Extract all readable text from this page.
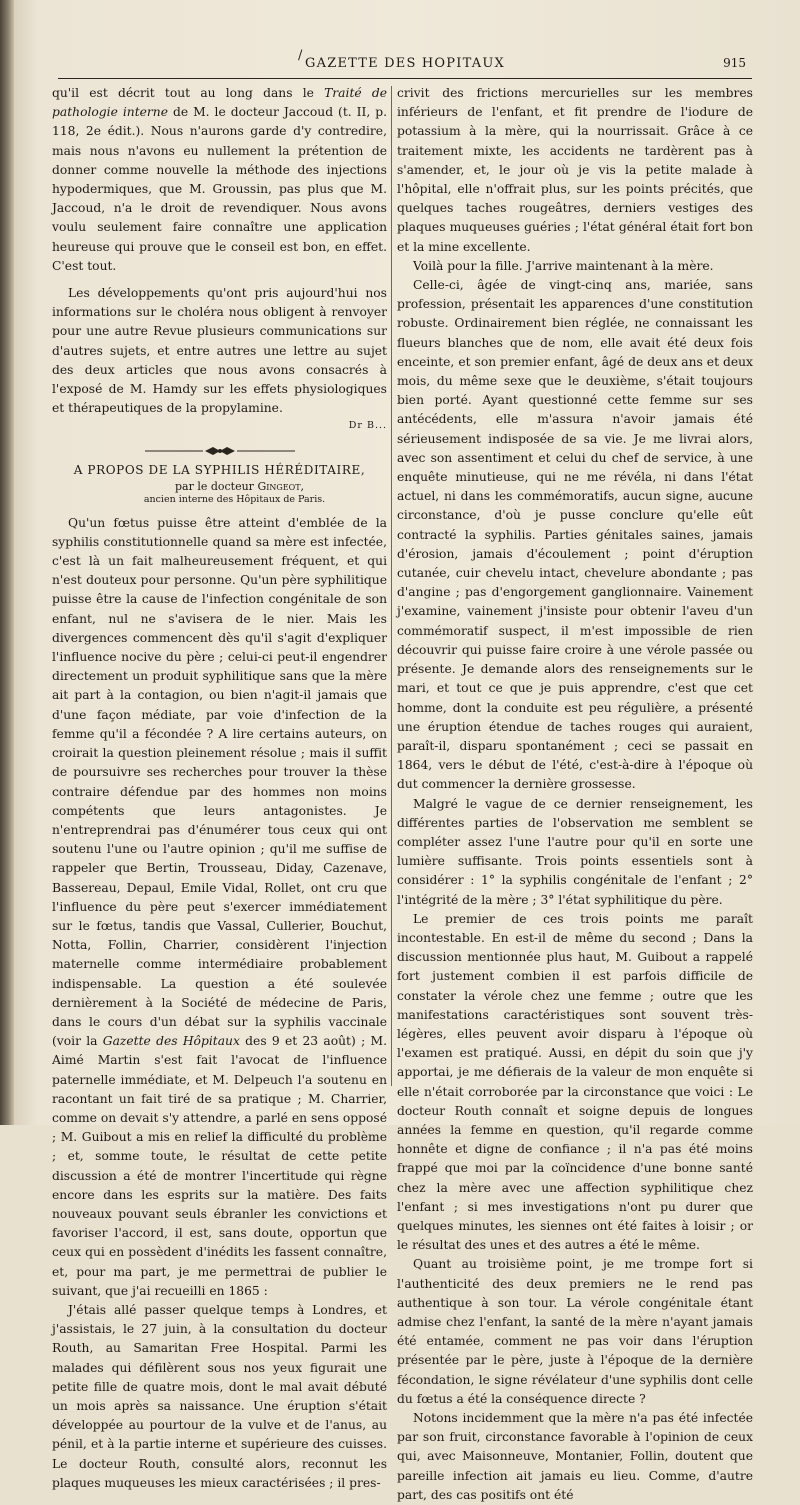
/
GAZETTE DES HOPITAUX	915

qu'il est décrit tout au long dans le Traité de pathologie interne de M. le docteur Jaccoud (t. II, p. 118, 2e édit.). Nous n'aurons garde d'y contredire, mais nous n'avons eu nullement la prétention de donner comme nouvelle la méthode des injections hypodermiques, que M. Groussin, pas plus que M. Jaccoud, n'a le droit de revendiquer. Nous avons voulu seulement faire connaître une application heureuse qui prouve que le conseil est bon, en effet. C'est tout.

Les développements qu'ont pris aujourd'hui nos informations sur le choléra nous obligent à renvoyer pour une autre Revue plusieurs communications sur d'autres sujets, et entre autres une lettre au sujet des deux articles que nous avons consacrés à l'exposé de M. Hamdy sur les effets physiologiques et thérapeutiques de la propylamine.

Dr B...
A PROPOS DE LA SYPHILIS HÉRÉDITAIRE,
par le docteur Gingeot,
ancien interne des Hôpitaux de Paris.

Qu'un fœtus puisse être atteint d'emblée de la syphilis constitutionnelle quand sa mère est infectée, c'est là un fait malheureusement fréquent, et qui n'est douteux pour personne. Qu'un père syphilitique puisse être la cause de l'infection congénitale de son enfant, nul ne s'avisera de le nier. Mais les divergences commencent dès qu'il s'agit d'expliquer l'influence nocive du père ; celui-ci peut-il engendrer directement un produit syphilitique sans que la mère ait part à la contagion, ou bien n'agit-il jamais que d'une façon médiate, par voie d'infection de la femme qu'il a fécondée ? A lire certains auteurs, on croirait la question pleinement résolue ; mais il suffit de poursuivre ses recherches pour trouver la thèse contraire défendue par des hommes non moins compétents que leurs antagonistes. Je n'entreprendrai pas d'énumérer tous ceux qui ont soutenu l'une ou l'autre opinion ; qu'il me suffise de rappeler que Bertin, Trousseau, Diday, Cazenave, Bassereau, Depaul, Emile Vidal, Rollet, ont cru que l'influence du père peut s'exercer immédiatement sur le fœtus, tandis que Vassal, Cullerier, Bouchut, Notta, Follin, Charrier, considèrent l'injection maternelle comme intermédiaire probablement indispensable. La question a été soulevée dernièrement à la Société de médecine de Paris, dans le cours d'un débat sur la syphilis vaccinale (voir la Gazette des Hôpitaux des 9 et 23 août) ; M. Aimé Martin s'est fait l'avocat de l'influence paternelle immédiate, et M. Delpeuch l'a soutenu en racontant un fait tiré de sa pratique ; M. Charrier, comme on devait s'y attendre, a parlé en sens opposé ; M. Guibout a mis en relief la difficulté du problème ; et, somme toute, le résultat de cette petite discussion a été de montrer l'incertitude qui règne encore dans les esprits sur la matière. Des faits nouveaux pouvant seuls ébranler les convictions et favoriser l'accord, il est, sans doute, opportun que ceux qui en possèdent d'inédits les fassent connaître, et, pour ma part, je me permettrai de publier le suivant, que j'ai recueilli en 1865 :

J'étais allé passer quelque temps à Londres, et j'assistais, le 27 juin, à la consultation du docteur Routh, au Samaritan Free Hospital. Parmi les malades qui défilèrent sous nos yeux figurait une petite fille de quatre mois, dont le mal avait débuté un mois après sa naissance. Une éruption s'était développée au pourtour de la vulve et de l'anus, au pénil, et à la partie interne et supérieure des cuisses. Le docteur Routh, consulté alors, reconnut les plaques muqueuses les mieux caractérisées ; il pres-

crivit des frictions mercurielles sur les membres inférieurs de l'enfant, et fit prendre de l'iodure de potassium à la mère, qui la nourrissait. Grâce à ce traitement mixte, les accidents ne tardèrent pas à s'amender, et, le jour où je vis la petite malade à l'hôpital, elle n'offrait plus, sur les points précités, que quelques taches rougeâtres, derniers vestiges des plaques muqueuses guéries ; l'état général était fort bon et la mine excellente.

Voilà pour la fille. J'arrive maintenant à la mère.

Celle-ci, âgée de vingt-cinq ans, mariée, sans profession, présentait les apparences d'une constitution robuste. Ordinairement bien réglée, ne connaissant les flueurs blanches que de nom, elle avait été deux fois enceinte, et son premier enfant, âgé de deux ans et deux mois, du même sexe que le deuxième, s'était toujours bien porté. Ayant questionné cette femme sur ses antécédents, elle m'assura n'avoir jamais été sérieusement indisposée de sa vie. Je me livrai alors, avec son assentiment et celui du chef de service, à une enquête minutieuse, qui ne me révéla, ni dans l'état actuel, ni dans les commémoratifs, aucun signe, aucune circonstance, d'où je pusse conclure qu'elle eût contracté la syphilis. Parties génitales saines, jamais d'érosion, jamais d'écoulement ; point d'éruption cutanée, cuir chevelu intact, chevelure abondante ; pas d'angine ; pas d'engorgement ganglionnaire. Vainement j'examine, vainement j'insiste pour obtenir l'aveu d'un commémoratif suspect, il m'est impossible de rien découvrir qui puisse faire croire à une vérole passée ou présente. Je demande alors des renseignements sur le mari, et tout ce que je puis apprendre, c'est que cet homme, dont la conduite est peu régulière, a présenté une éruption étendue de taches rouges qui auraient, paraît-il, disparu spontanément ; ceci se passait en 1864, vers le début de l'été, c'est-à-dire à l'époque où dut commencer la dernière grossesse.

Malgré le vague de ce dernier renseignement, les différentes parties de l'observation me semblent se compléter assez l'une l'autre pour qu'il en sorte une lumière suffisante. Trois points essentiels sont à considérer : 1° la syphilis congénitale de l'enfant ; 2° l'intégrité de la mère ; 3° l'état syphilitique du père.

Le premier de ces trois points me paraît incontestable. En est-il de même du second ; Dans la discussion mentionnée plus haut, M. Guibout a rappelé fort justement combien il est parfois difficile de constater la vérole chez une femme ; outre que les manifestations caractéristiques sont souvent très-légères, elles peuvent avoir disparu à l'époque où l'examen est pratiqué. Aussi, en dépit du soin que j'y apportai, je me défierais de la valeur de mon enquête si elle n'était corroborée par la circonstance que voici : Le docteur Routh connaît et soigne depuis de longues années la femme en question, qu'il regarde comme honnête et digne de confiance ; il n'a pas été moins frappé que moi par la coïncidence d'une bonne santé chez la mère avec une affection syphilitique chez l'enfant ; si mes investigations n'ont pu durer que quelques minutes, les siennes ont été faites à loisir ; or le résultat des unes et des autres a été le même.

Quant au troisième point, je me trompe fort si l'authenticité des deux premiers ne le rend pas authentique à son tour. La vérole congénitale étant admise chez l'enfant, la santé de la mère n'ayant jamais été entamée, comment ne pas voir dans l'éruption présentée par le père, juste à l'époque de la dernière fécondation, le signe révélateur d'une syphilis dont celle du fœtus a été la conséquence directe ?

Notons incidemment que la mère n'a pas été infectée par son fruit, circonstance favorable à l'opinion de ceux qui, avec Maisonneuve, Montanier, Follin, doutent que pareille infection ait jamais eu lieu. Comme, d'autre part, des cas positifs ont été
